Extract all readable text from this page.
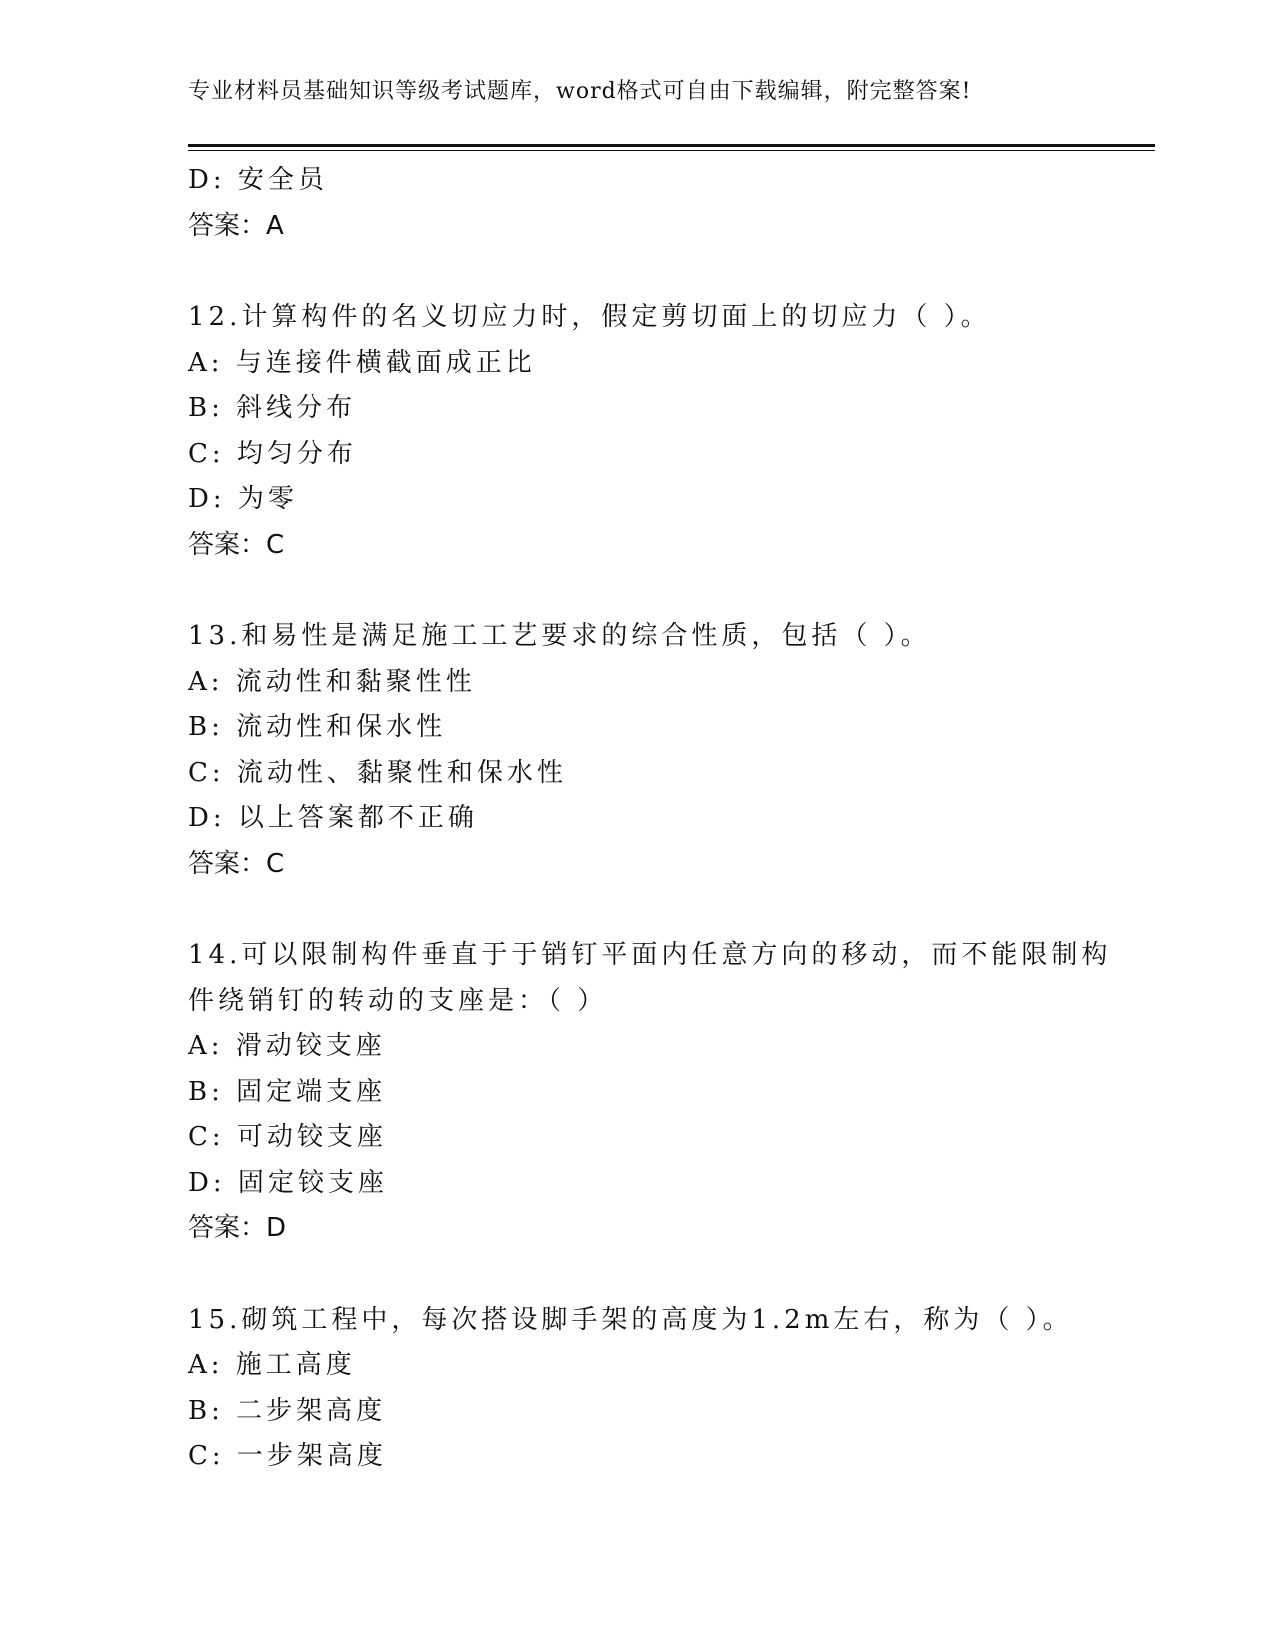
专业材料员基础知识等级考试题库，word格式可自由下载编辑，附完整答案!
D: 安全员
答案：A
12.计算构件的名义切应力时，假定剪切面上的切应力（ ）。
A: 与连接件横截面成正比
B: 斜线分布
C: 均匀分布
D: 为零
答案：C
13.和易性是满足施工工艺要求的综合性质，包括（ ）。
A: 流动性和黏聚性性
B: 流动性和保水性
C: 流动性、黏聚性和保水性
D: 以上答案都不正确
答案：C
14.可以限制构件垂直于于销钉平面内任意方向的移动，而不能限制构
件绕销钉的转动的支座是：（ ）
A: 滑动铰支座
B: 固定端支座
C: 可动铰支座
D: 固定铰支座
答案：D
15.砌筑工程中，每次搭设脚手架的高度为1.2m左右，称为（ ）。
A: 施工高度
B: 二步架高度
C: 一步架高度
